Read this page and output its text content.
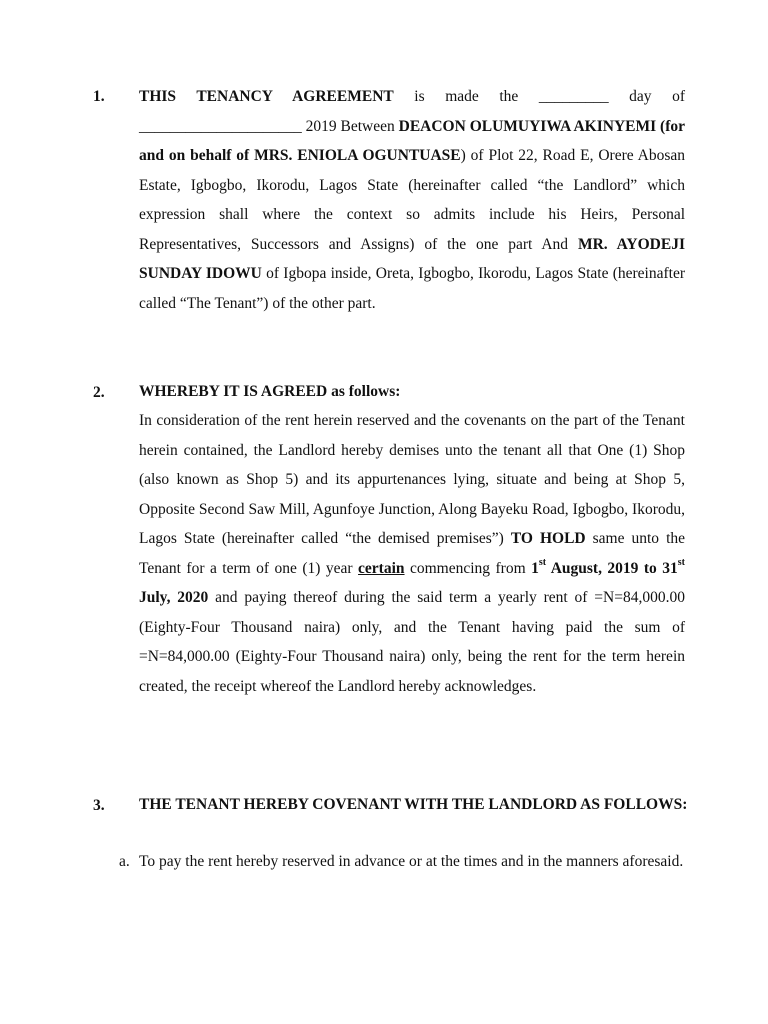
1. THIS TENANCY AGREEMENT is made the _________ day of _____________________ 2019 Between DEACON OLUMUYIWA AKINYEMI (for and on behalf of MRS. ENIOLA OGUNTUASE) of Plot 22, Road E, Orere Abosan Estate, Igbogbo, Ikorodu, Lagos State (hereinafter called “the Landlord” which expression shall where the context so admits include his Heirs, Personal Representatives, Successors and Assigns) of the one part And MR. AYODEJI SUNDAY IDOWU of Igbopa inside, Oreta, Igbogbo, Ikorodu, Lagos State (hereinafter called “The Tenant”) of the other part.
2. WHEREBY IT IS AGREED as follows:
In consideration of the rent herein reserved and the covenants on the part of the Tenant herein contained, the Landlord hereby demises unto the tenant all that One (1) Shop (also known as Shop 5) and its appurtenances lying, situate and being at Shop 5, Opposite Second Saw Mill, Agunfoye Junction, Along Bayeku Road, Igbogbo, Ikorodu, Lagos State (hereinafter called “the demised premises”) TO HOLD same unto the Tenant for a term of one (1) year certain commencing from 1st August, 2019 to 31st July, 2020 and paying thereof during the said term a yearly rent of =N=84,000.00 (Eighty-Four Thousand naira) only, and the Tenant having paid the sum of =N=84,000.00 (Eighty-Four Thousand naira) only, being the rent for the term herein created, the receipt whereof the Landlord hereby acknowledges.
3. THE TENANT HEREBY COVENANT WITH THE LANDLORD AS FOLLOWS:
a. To pay the rent hereby reserved in advance or at the times and in the manners aforesaid.
